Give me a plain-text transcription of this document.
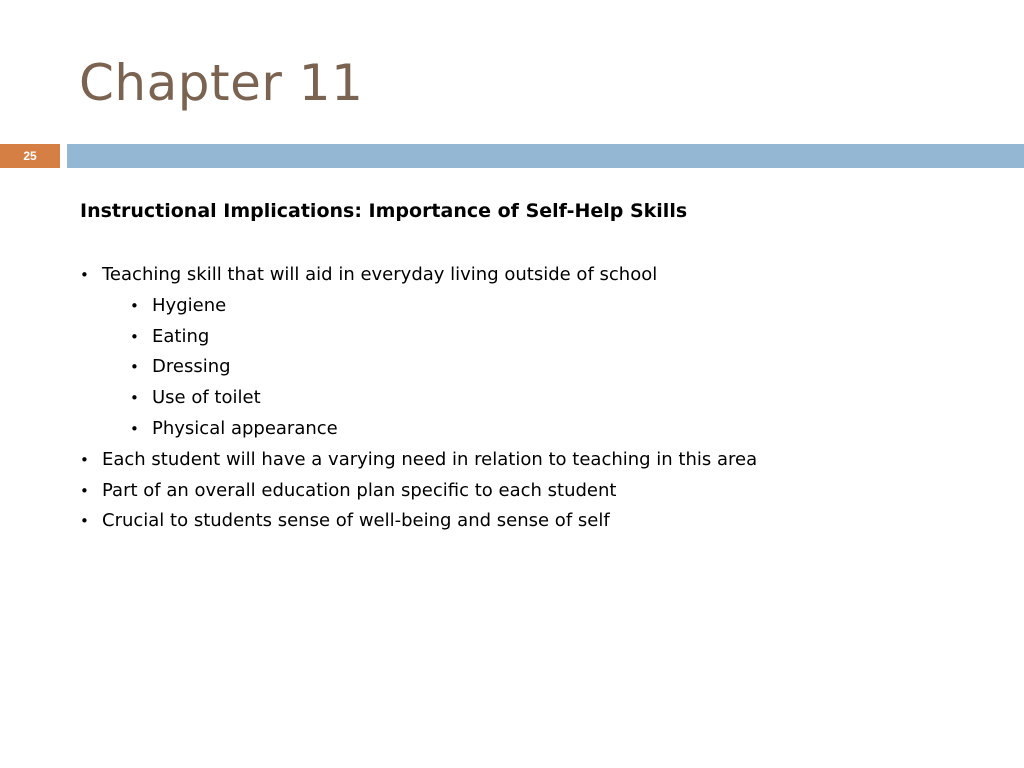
Chapter 11
25
Instructional Implications: Importance of Self-Help Skills
• Teaching skill that will aid in everyday living outside of school
• Hygiene
• Eating
• Dressing
• Use of toilet
• Physical appearance
• Each student will have a varying need in relation to teaching in this area
• Part of an overall education plan specific to each student
• Crucial to students sense of well-being and sense of self
